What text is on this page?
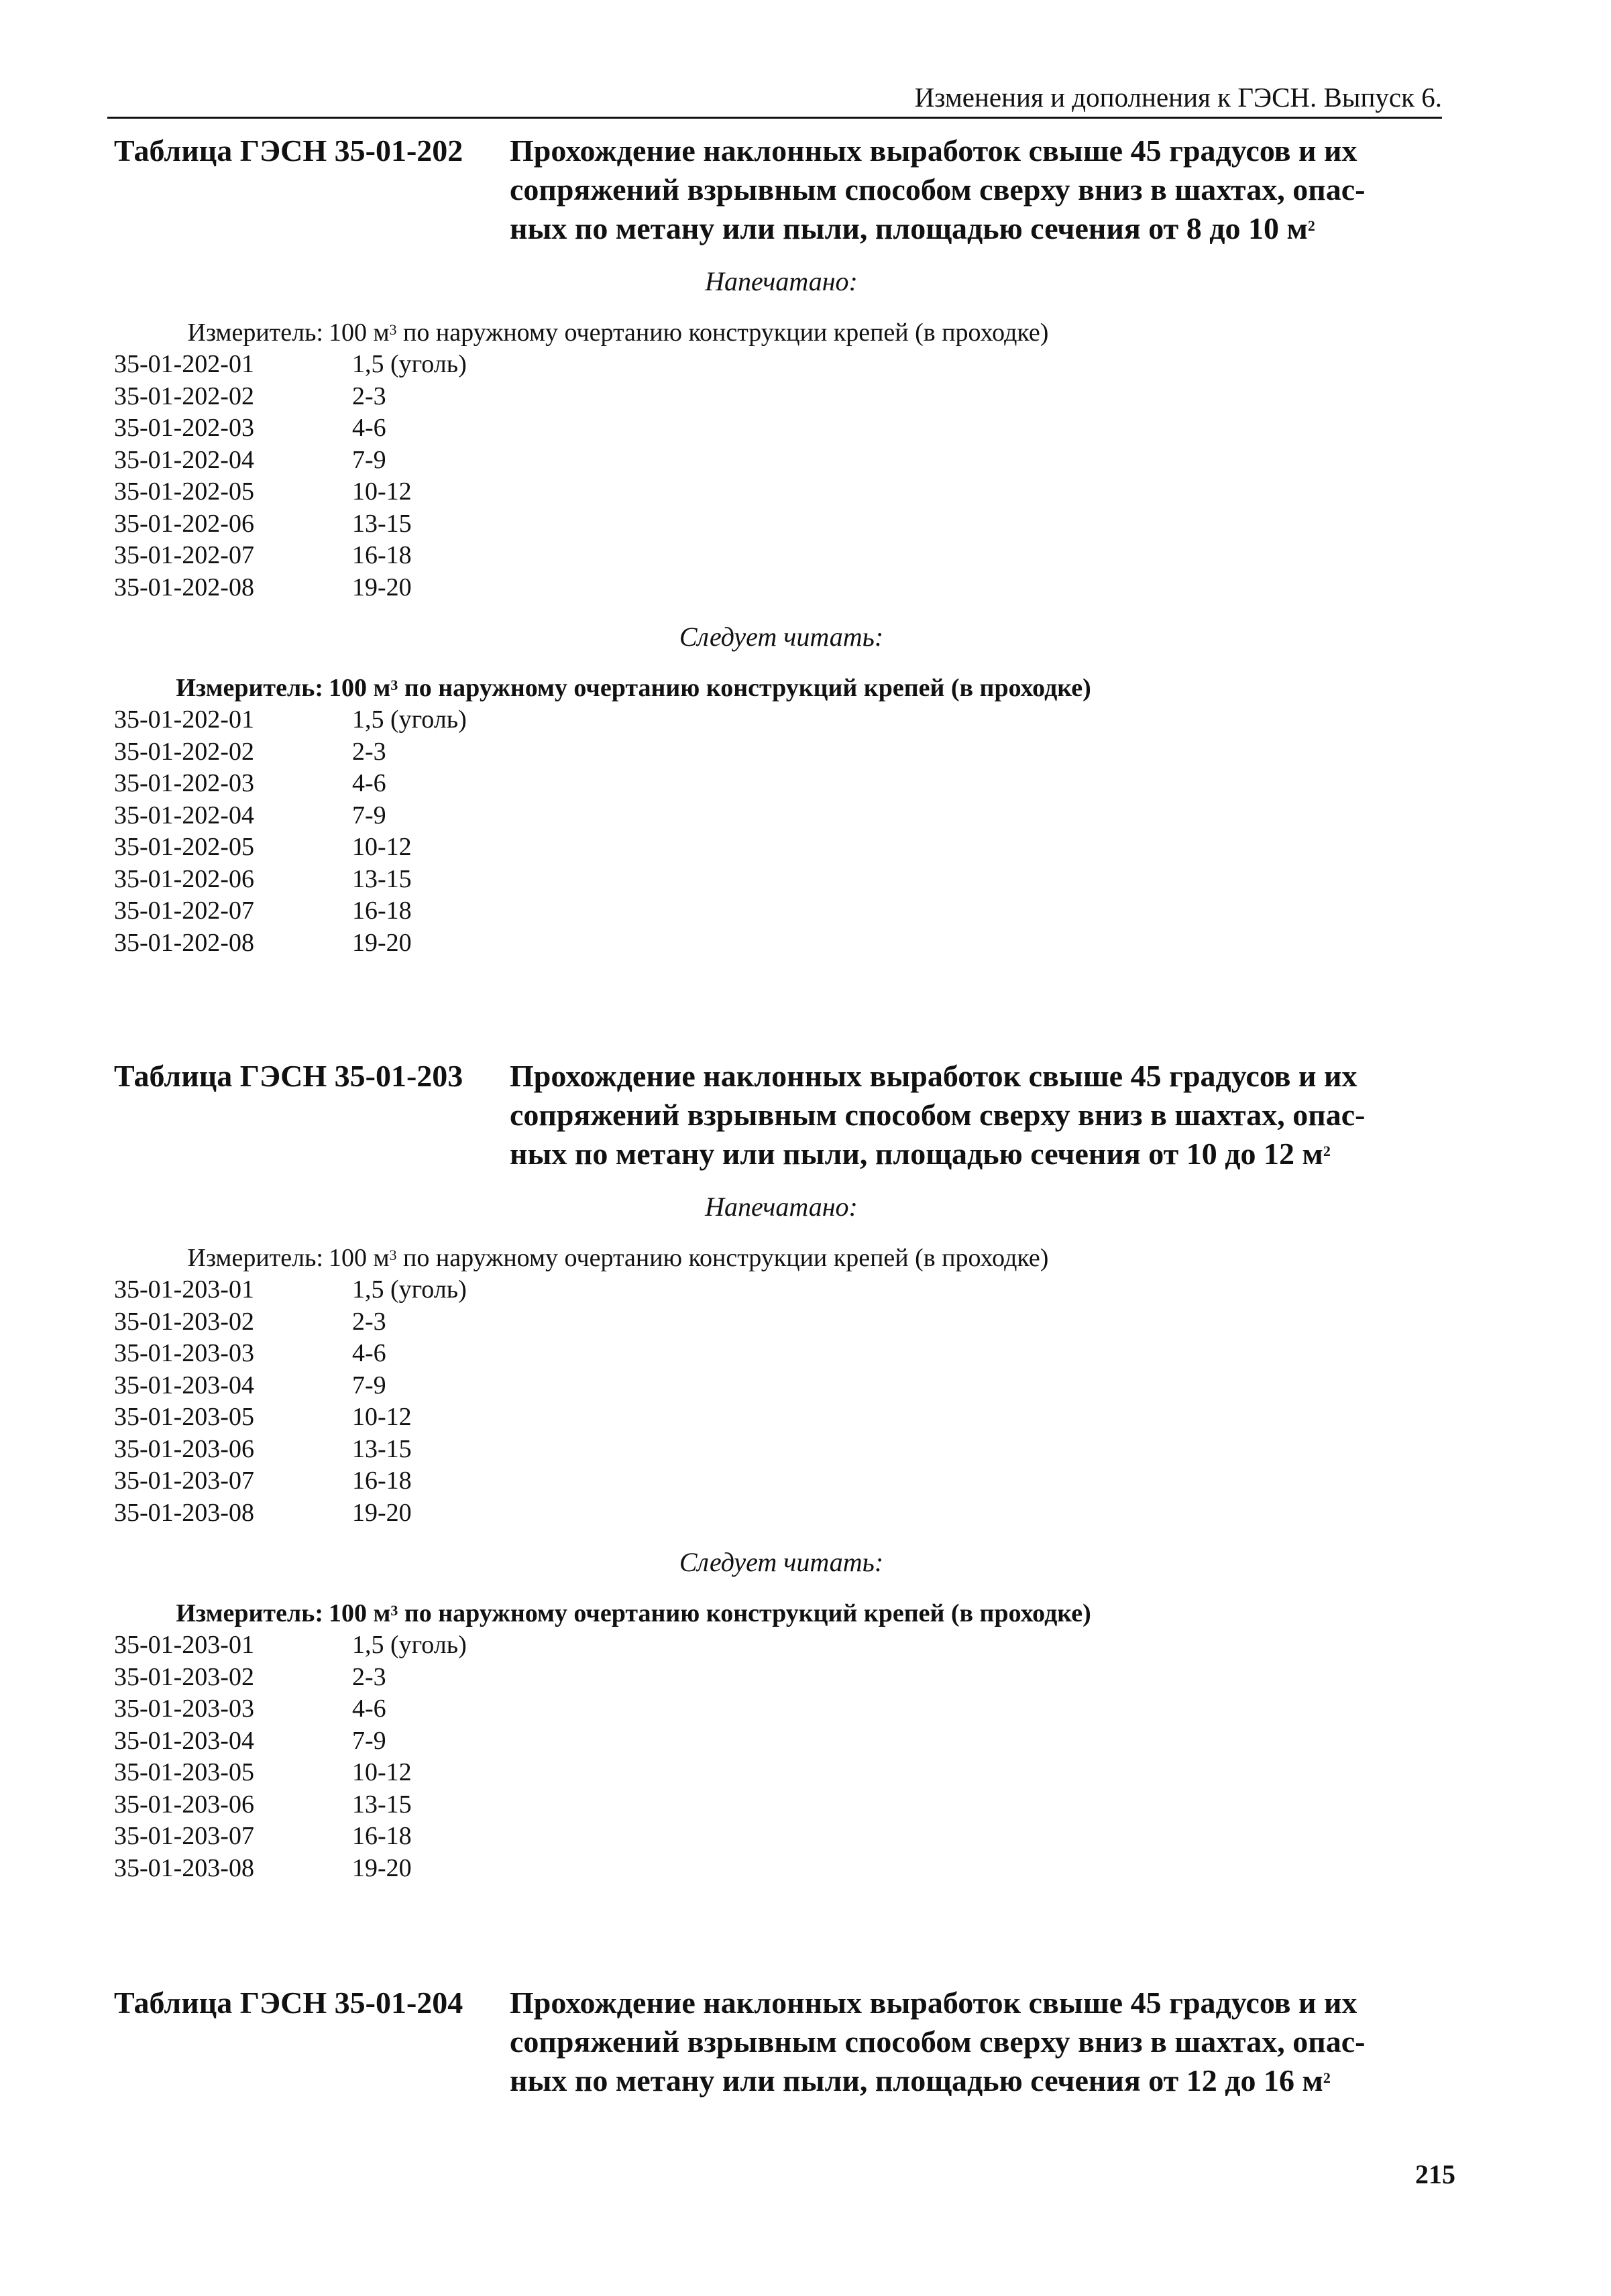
Изменения и дополнения к ГЭСН. Выпуск 6.
Таблица ГЭСН 35-01-202 Прохождение наклонных выработок свыше 45 градусов и их
сопряжений взрывным способом сверху вниз в шахтах, опас-
ных по метану или пыли, площадью сечения от 8 до 10 $м^2$
Напечатано:
Измеритель: 100 $м^3$ по наружному очертанию конструкции крепей (в проходке)
35-01-202-01	1,5 (уголь)
35-01-202-02	2-3
35-01-202-03	4-6
35-01-202-04	7-9
35-01-202-05	10-12
35-01-202-06	13-15
35-01-202-07	16-18
35-01-202-08	19-20
Следует читать:
Измеритель: 100 $м^3$ по наружному очертанию конструкций крепей (в проходке)
35-01-202-01	1,5 (уголь)
35-01-202-02	2-3
35-01-202-03	4-6
35-01-202-04	7-9
35-01-202-05	10-12
35-01-202-06	13-15
35-01-202-07	16-18
35-01-202-08	19-20
Таблица ГЭСН 35-01-203 Прохождение наклонных выработок свыше 45 градусов и их
сопряжений взрывным способом сверху вниз в шахтах, опас-
ных по метану или пыли, площадью сечения от 10 до 12 $м^2$
Напечатано:
Измеритель: 100 $м^3$ по наружному очертанию конструкции крепей (в проходке)
35-01-203-01	1,5 (уголь)
35-01-203-02	2-3
35-01-203-03	4-6
35-01-203-04	7-9
35-01-203-05	10-12
35-01-203-06	13-15
35-01-203-07	16-18
35-01-203-08	19-20
Следует читать:
Измеритель: 100 $м^3$ по наружному очертанию конструкций крепей (в проходке)
35-01-203-01	1,5 (уголь)
35-01-203-02	2-3
35-01-203-03	4-6
35-01-203-04	7-9
35-01-203-05	10-12
35-01-203-06	13-15
35-01-203-07	16-18
35-01-203-08	19-20
Таблица ГЭСН 35-01-204 Прохождение наклонных выработок свыше 45 градусов и их
сопряжений взрывным способом сверху вниз в шахтах, опас-
ных по метану или пыли, площадью сечения от 12 до 16 $м^2$
215
